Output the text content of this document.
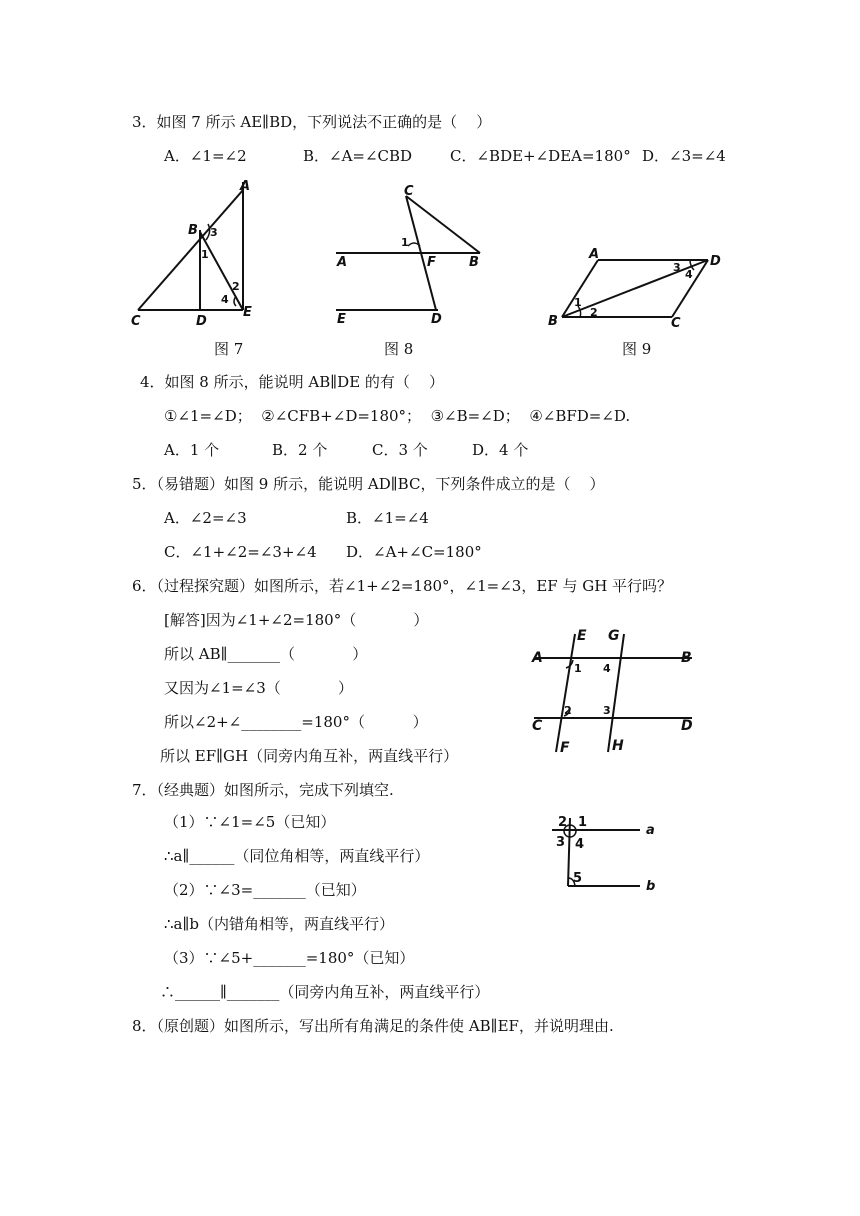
3．如图 7 所示 AE∥BD，下列说法不正确的是（    ）
A．∠1=∠2	B．∠A=∠CBD	C．∠BDE+∠DEA=180° D．∠3=∠4
A
B
C	D
E
1
2
3
4
C
A	B
F
E	D
1
A	D
B	C
1
2
3
4
图 7	图 8	图 9
4．如图 8 所示，能说明 AB∥DE 的有（    ）
①∠1=∠D；  ②∠CFB+∠D=180°；  ③∠B=∠D；  ④∠BFD=∠D.
A．1 个	B．2 个	C．3 个	D．4 个
5．（易错题）如图 9 所示，能说明 AD∥BC，下列条件成立的是（    ）
A．∠2=∠3	B．∠1=∠4
C．∠1+∠2=∠3+∠4 D．∠A+∠C=180°
6．（过程探究题）如图所示，若∠1+∠2=180°，∠1=∠3，EF 与 GH 平行吗？
[解答]因为∠1+∠2=180°（            ）
所以 AB∥_______（            ）
又因为∠1=∠3（            ）
所以∠2+∠________=180°（          ）
所以 EF∥GH（同旁内角互补，两直线平行）
A	B
C	D
E G
F	H
1
2	3
4
7．（经典题）如图所示，完成下列填空.
（1）∵∠1=∠5（已知）
∴a∥______（同位角相等，两直线平行）
（2）∵∠3=_______（已知）
∴a∥b（内错角相等，两直线平行）
（3）∵∠5+_______=180°（已知）
∴______∥_______（同旁内角互补，两直线平行）
2 1
3 4
5
a
b
8．（原创题）如图所示，写出所有角满足的条件使 AB∥EF，并说明理由.
